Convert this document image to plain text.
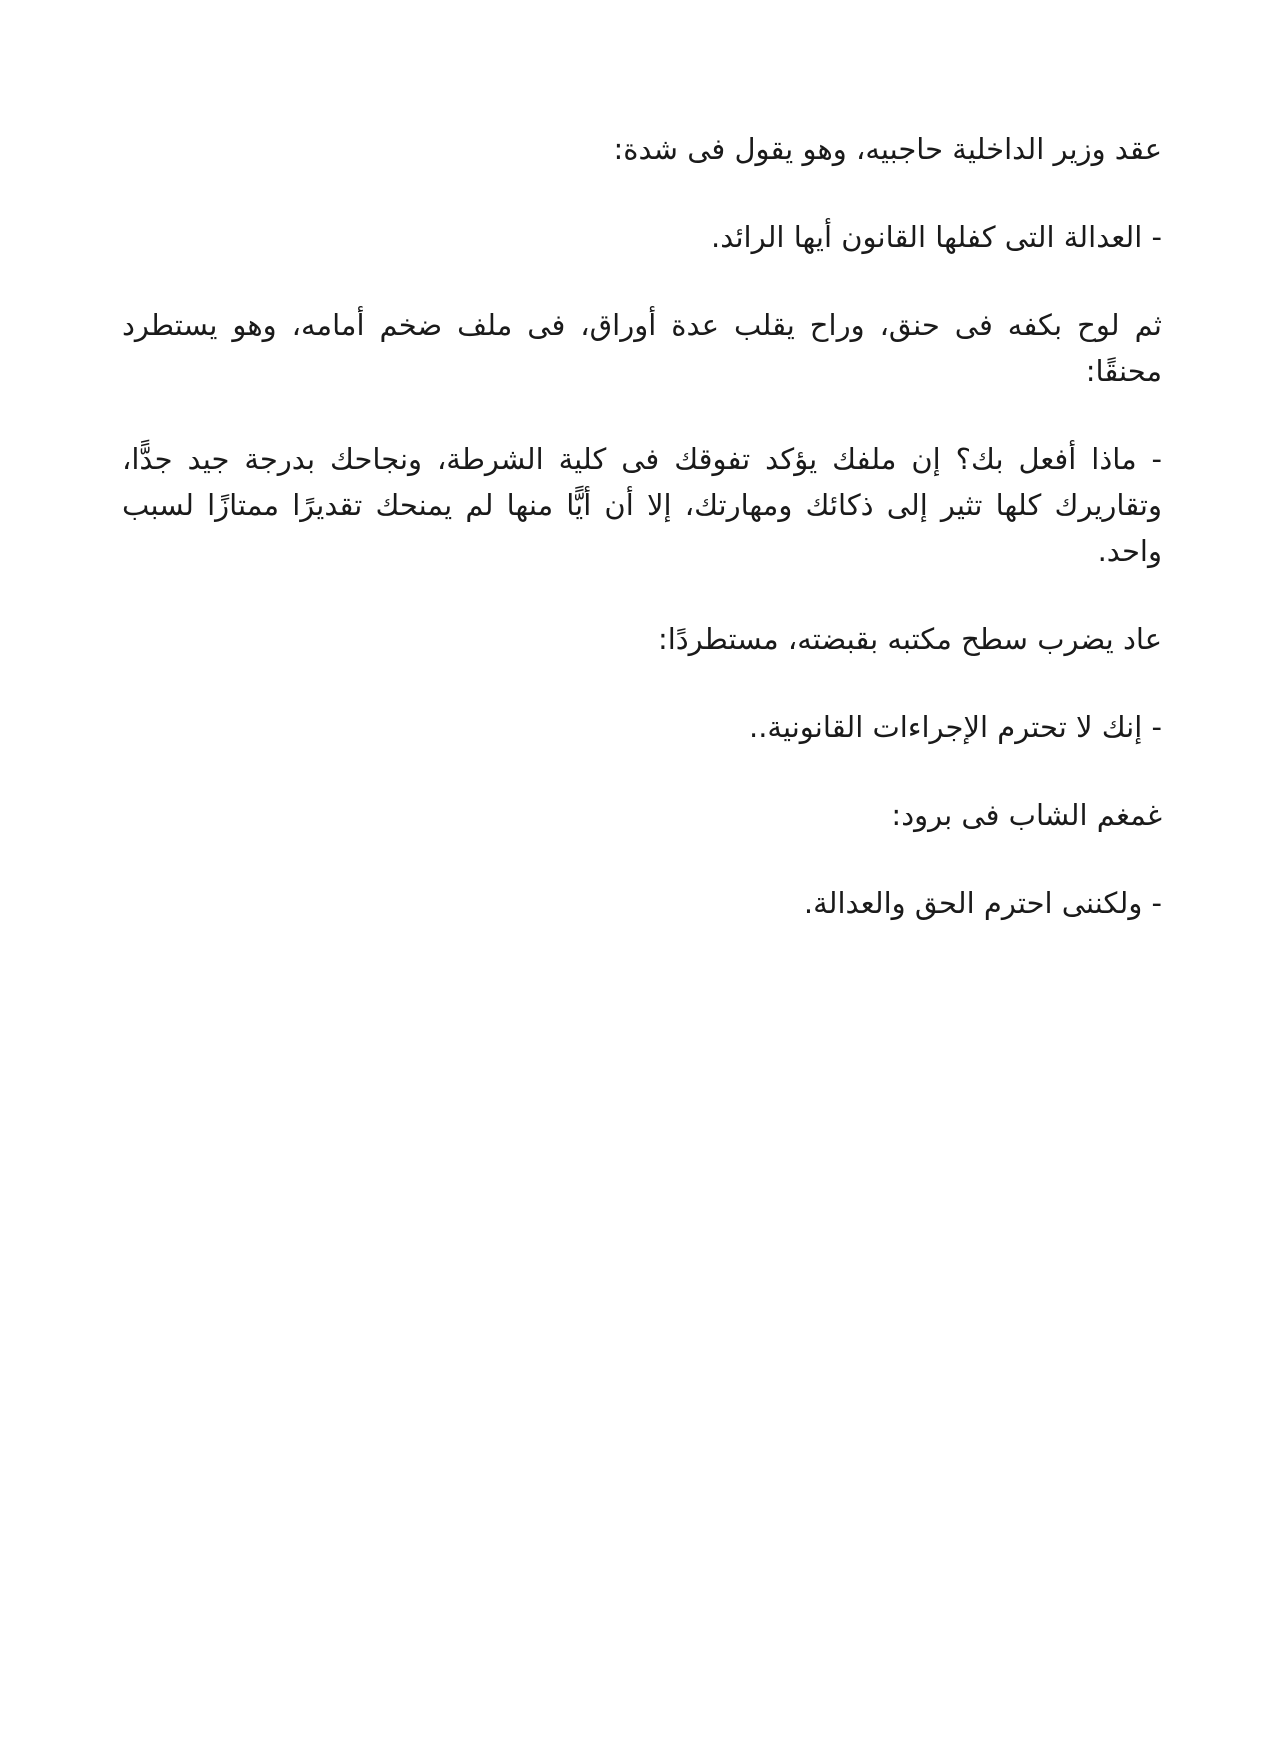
عقد وزير الداخلية حاجبيه، وهو يقول فى شدة:

- العدالة التى كفلها القانون أيها الرائد.

ثم لوح بكفه فى حنق، وراح يقلب عدة أوراق، فى ملف ضخم أمامه، وهو يستطرد محنقًا:

- ماذا أفعل بك؟ إن ملفك يؤكد تفوقك فى كلية الشرطة، ونجاحك بدرجة جيد جدًّا، وتقاريرك كلها تثير إلى ذكائك ومهارتك، إلا أن أيًّا منها لم يمنحك تقديرًا ممتازًا لسبب واحد.

عاد يضرب سطح مكتبه بقبضته، مستطردًا:

- إنك لا تحترم الإجراءات القانونية..

غمغم الشاب فى برود:

- ولكننى احترم الحق والعدالة.
